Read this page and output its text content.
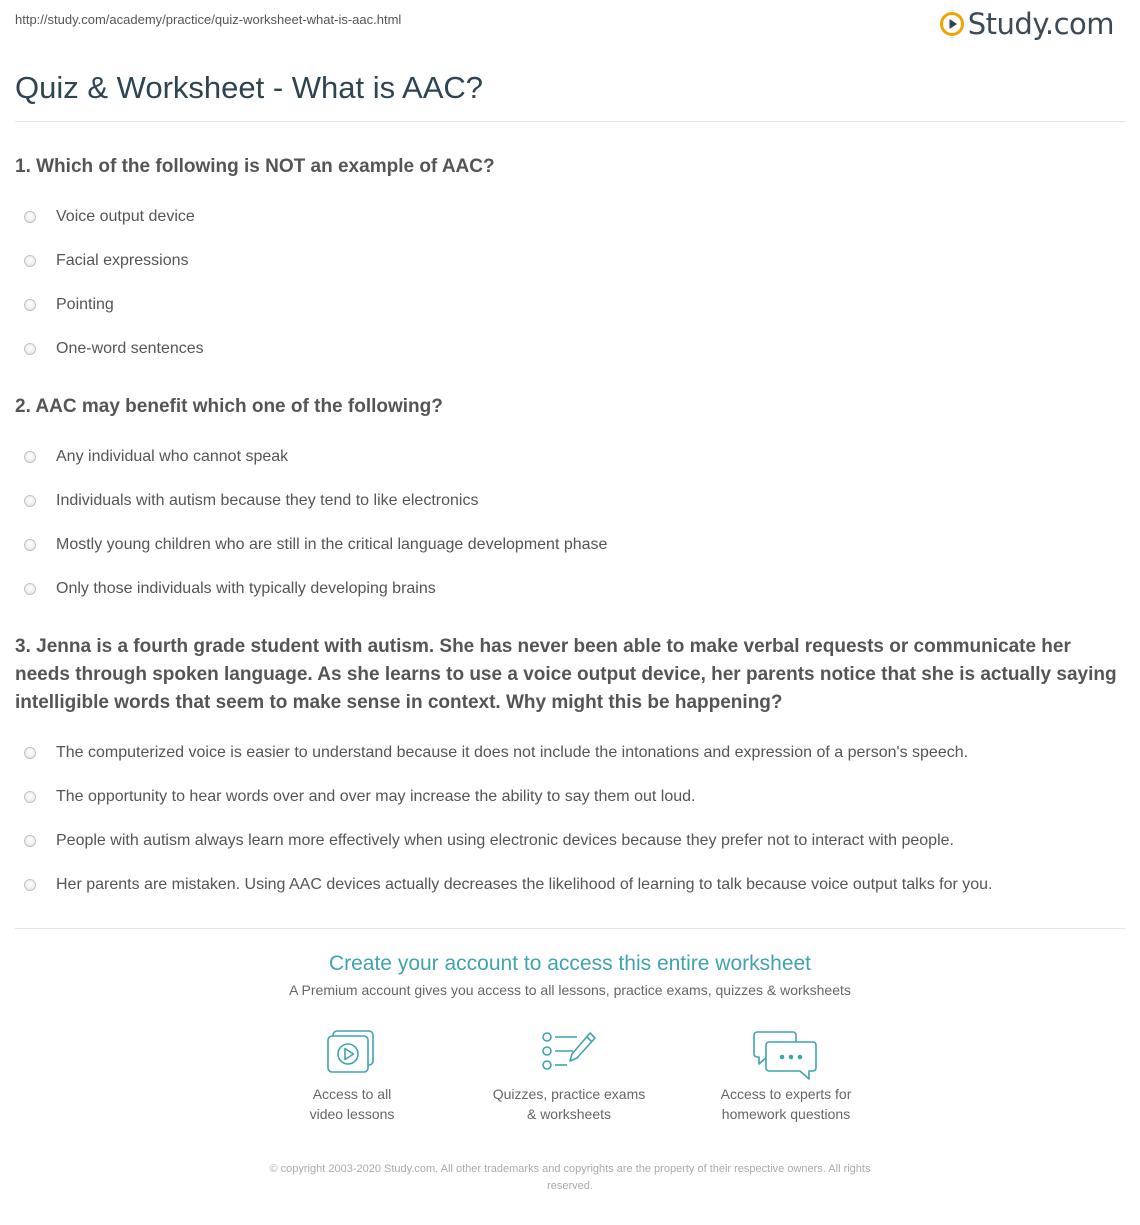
http://study.com/academy/practice/quiz-worksheet-what-is-aac.html	Study.com
Quiz & Worksheet - What is AAC?
1. Which of the following is NOT an example of AAC?
Voice output device
Facial expressions
Pointing
One-word sentences
2. AAC may benefit which one of the following?
Any individual who cannot speak
Individuals with autism because they tend to like electronics
Mostly young children who are still in the critical language development phase
Only those individuals with typically developing brains
3. Jenna is a fourth grade student with autism. She has never been able to make verbal requests or communicate her needs through spoken language. As she learns to use a voice output device, her parents notice that she is actually saying intelligible words that seem to make sense in context. Why might this be happening?
The computerized voice is easier to understand because it does not include the intonations and expression of a person's speech.
The opportunity to hear words over and over may increase the ability to say them out loud.
People with autism always learn more effectively when using electronic devices because they prefer not to interact with people.
Her parents are mistaken. Using AAC devices actually decreases the likelihood of learning to talk because voice output talks for you.
Create your account to access this entire worksheet
A Premium account gives you access to all lessons, practice exams, quizzes & worksheets
Access to all
video lessons
Quizzes, practice exams
& worksheets
Access to experts for
homework questions
© copyright 2003-2020 Study.com. All other trademarks and copyrights are the property of their respective owners. All rights
reserved.
